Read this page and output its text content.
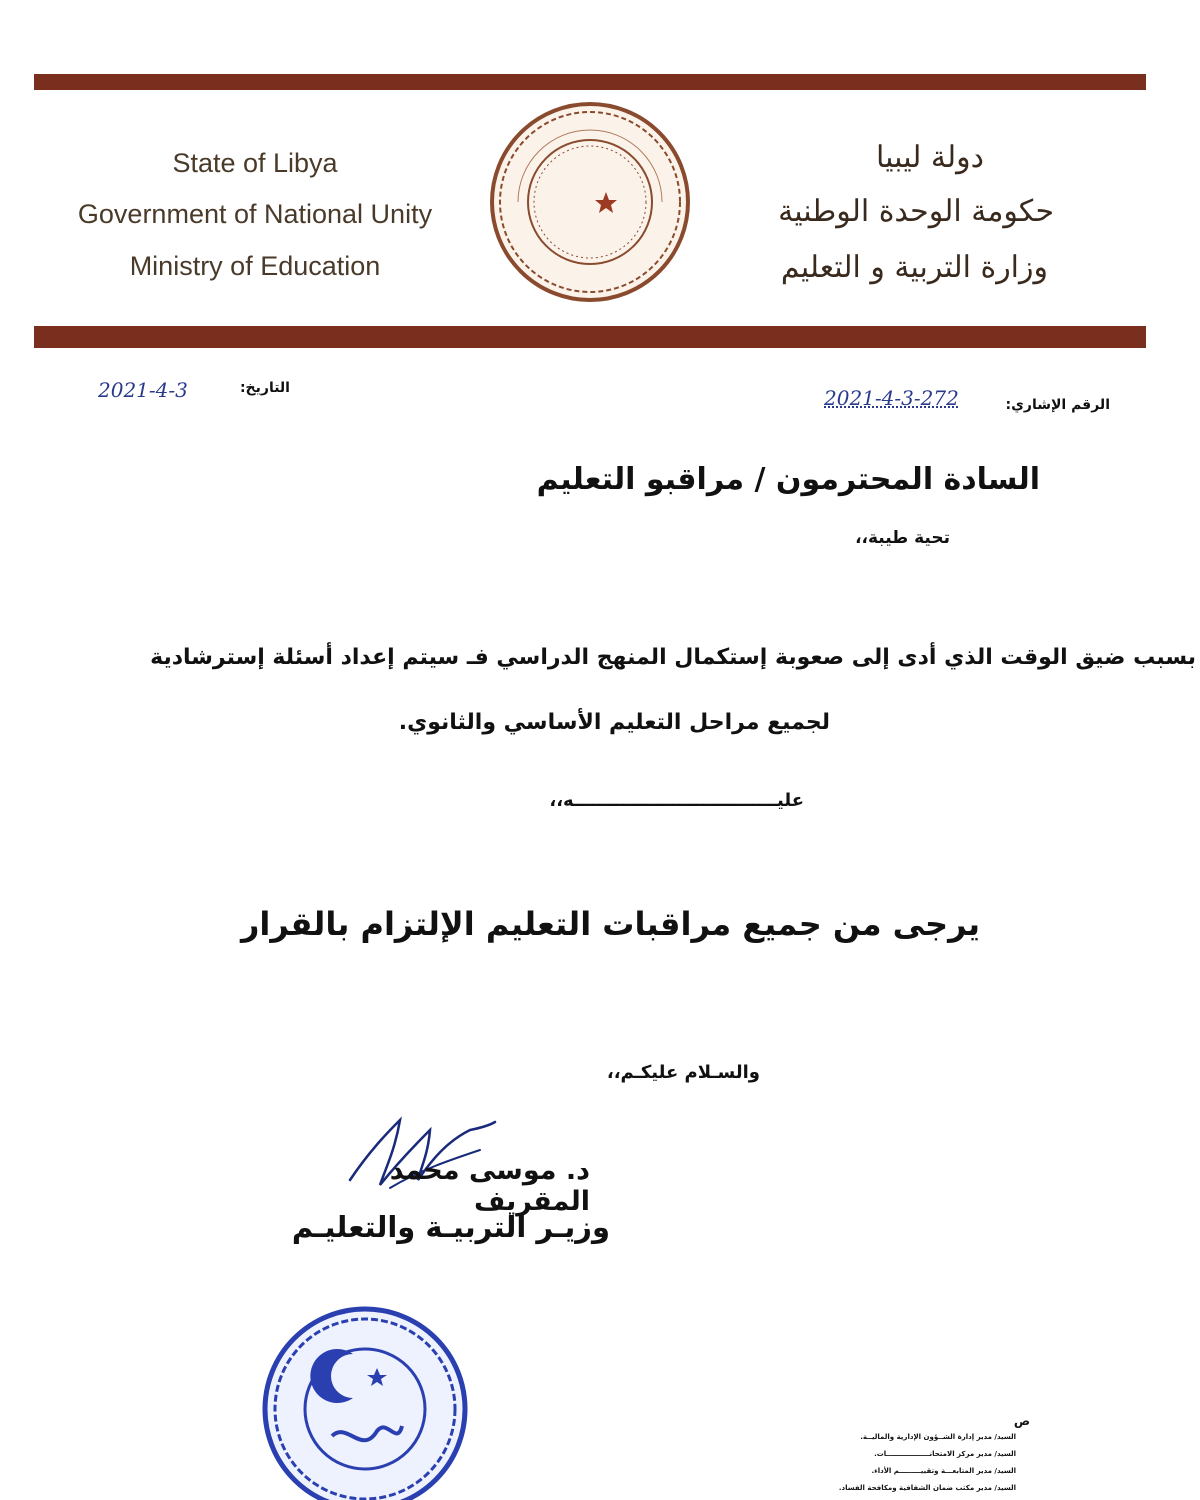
State of Libya
Government of National Unity
Ministry of Education
دولة ليبيا
حكومة الوحدة الوطنية
وزارة التربية و التعليم
التاريخ:
2021-4-3
الرقم الإشاري:
2021-4-3-272
السادة المحترمون / مراقبو التعليم
تحية طيبة،،
بسبب ضيق الوقت الذي أدى إلى صعوبة إستكمال المنهج الدراسي فـ سيتم إعداد أسئلة إسترشادية
لجميع مراحل التعليم الأساسي والثانوي.
عليـــــــــــــــــــــــــــــــــه،،
يرجى من جميع مراقبات التعليم الإلتزام بالقرار
والسـلام عليكـم،،
د. موسى محمد المقريف
وزيـر التربيـة والتعليـم
ص
السيد/ مدير إدارة الشــؤون الإدارية والماليــة.
السيد/ مدير مركز الامتحانــــــــــــــــــات.
السيد/ مدير المتابعـــة وتقييـــــــــم الأداء.
السيد/ مدير مكتب ضمان الشفافية ومكافحة الفساد.
